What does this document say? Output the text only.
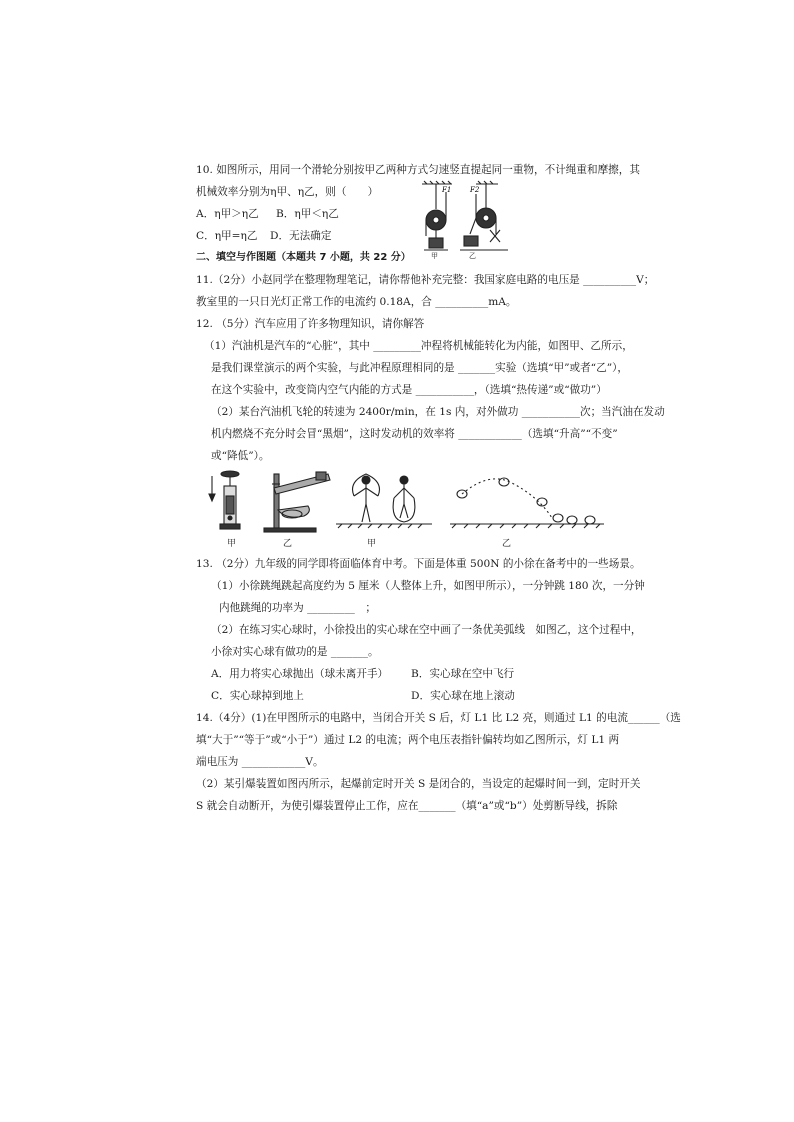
10. 如图所示，用同一个滑轮分别按甲乙两种方式匀速竖直提起同一重物，不计绳重和摩擦，其
机械效率分别为η甲、η乙，则（　　）
A．η甲＞η乙 B．η甲＜η乙
C．η甲=η乙 D．无法确定
F1	F2
甲	乙
二、填空与作图题（本题共 7 小题，共 22 分）
11.（2分）小赵同学在整理物理笔记，请你帮他补充完整：我国家庭电路的电压是 __________V；
教室里的一只日光灯正常工作的电流约 0.18A，合 __________mA。
12. （5分）汽车应用了许多物理知识，请你解答
（1）汽油机是汽车的“心脏”，其中 _________冲程将机械能转化为内能，如图甲、乙所示，
是我们课堂演示的两个实验，与此冲程原理相同的是 _______实验（选填“甲”或者“乙”），
在这个实验中，改变筒内空气内能的方式是 ___________，（选填“热传递”或“做功”）
（2）某台汽油机飞轮的转速为 2400r/min，在 1s 内，对外做功 ___________次；当汽油在发动
机内燃烧不充分时会冒“黑烟”，这时发动机的效率将 ____________（选填“升高”“不变”
或“降低”）。
甲	乙	甲	乙
13. （2分）九年级的同学即将面临体育中考。下面是体重 500N 的小徐在备考中的一些场景。
（1）小徐跳绳跳起高度约为 5 厘米（人整体上升，如图甲所示），一分钟跳 180 次，一分钟
内他跳绳的功率为 _________　；
（2）在练习实心球时，小徐投出的实心球在空中画了一条优美弧线　如图乙，这个过程中，
小徐对实心球有做功的是 _______。
A．用力将实心球抛出（球未离开手） B．实心球在空中飞行
C．实心球掉到地上	D．实心球在地上滚动
14.（4分）(1)在甲图所示的电路中，当闭合开关 S 后，灯 L1 比 L2 亮，则通过 L1 的电流______（选
填“大于”“等于”或“小于”）通过 L2 的电流；两个电压表指针偏转均如乙图所示，灯 L1 两
端电压为 ____________V。
（2）某引爆装置如图丙所示，起爆前定时开关 S 是闭合的，当设定的起爆时间一到，定时开关
S 就会自动断开，为使引爆装置停止工作，应在_______（填“a”或“b”）处剪断导线，拆除
